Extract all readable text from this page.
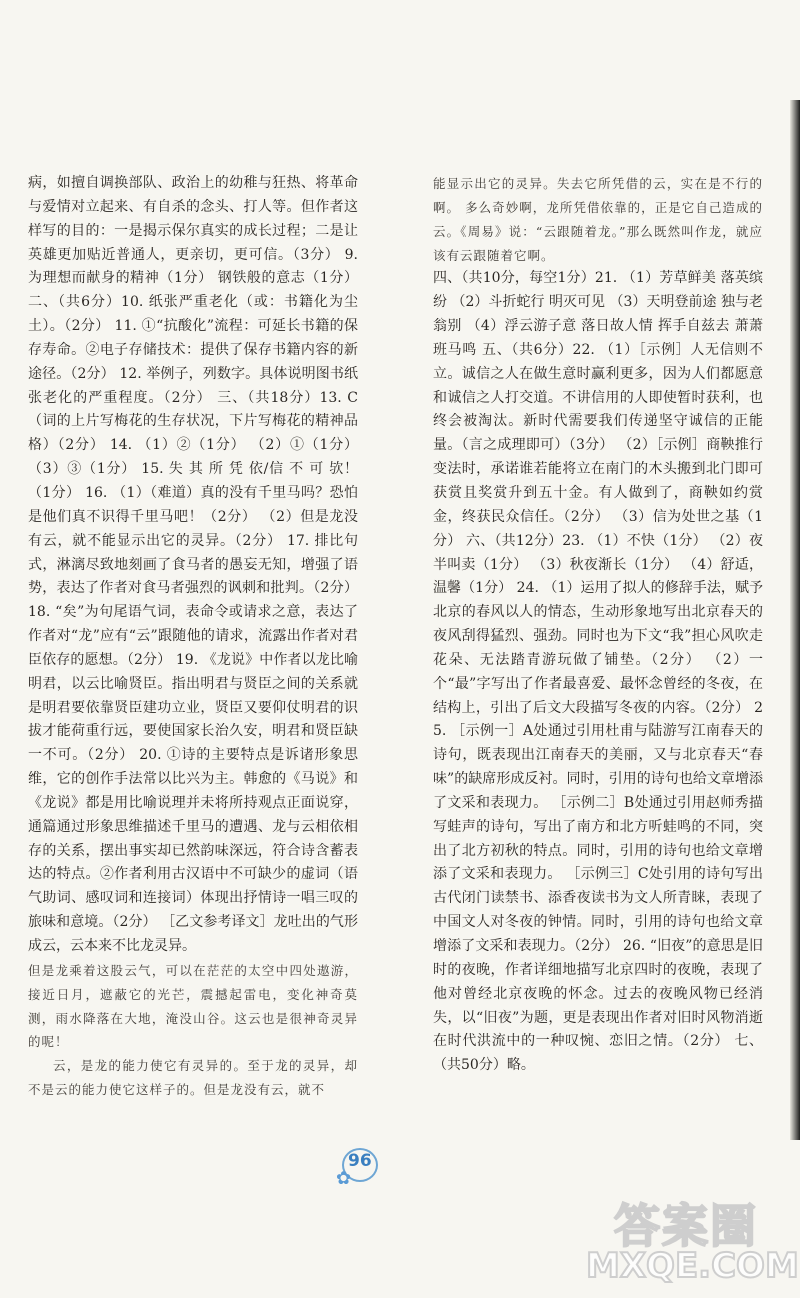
病，如擅自调换部队、政治上的幼稚与狂热、将革命与爱情对立起来、有自杀的念头、打人等。但作者这样写的目的：一是揭示保尔真实的成长过程；二是让英雄更加贴近普通人，更亲切，更可信。（3分） 9. 为理想而献身的精神（1分） 钢铁般的意志（1分） 二、（共6分）10. 纸张严重老化（或：书籍化为尘土）。（2分） 11. ①“抗酸化”流程：可延长书籍的保存寿命。②电子存储技术：提供了保存书籍内容的新途径。（2分） 12. 举例子，列数字。具体说明图书纸张老化的严重程度。（2分） 三、（共18分）13. C（词的上片写梅花的生存状况，下片写梅花的精神品格）（2分） 14. （1）②（1分） （2）①（1分） （3）③（1分） 15. 失 其 所 凭 依/信 不 可 欤！（1分） 16. （1）（难道）真的没有千里马吗？恐怕是他们真不识得千里马吧！（2分） （2）但是龙没有云，就不能显示出它的灵异。（2分） 17. 排比句式，淋漓尽致地刻画了食马者的愚妄无知，增强了语势，表达了作者对食马者强烈的讽刺和批判。（2分） 18. “矣”为句尾语气词，表命令或请求之意，表达了作者对“龙”应有“云”跟随他的请求，流露出作者对君臣依存的愿想。（2分） 19. 《龙说》中作者以龙比喻明君，以云比喻贤臣。指出明君与贤臣之间的关系就是明君要依靠贤臣建功立业，贤臣又要仰仗明君的识拔才能荷重行远，要使国家长治久安，明君和贤臣缺一不可。（2分） 20. ①诗的主要特点是诉诸形象思维，它的创作手法常以比兴为主。韩愈的《马说》和《龙说》都是用比喻说理并未将所持观点正面说穿，通篇通过形象思维描述千里马的遭遇、龙与云相依相存的关系，摆出事实却已然韵味深远，符合诗含蓄表达的特点。②作者利用古汉语中不可缺少的虚词（语气助词、感叹词和连接词）体现出抒情诗一唱三叹的旅味和意境。（2分） ［乙文参考译文］龙吐出的气形成云，云本来不比龙灵异。

但是龙乘着这股云气，可以在茫茫的太空中四处遨游，接近日月，遮蔽它的光芒，震撼起雷电，变化神奇莫测，雨水降落在大地，淹没山谷。这云也是很神奇灵异的呢！

云，是龙的能力使它有灵异的。至于龙的灵异，却不是云的能力使它这样子的。但是龙没有云，就不

能显示出它的灵异。失去它所凭借的云，实在是不行的啊。 多么奇妙啊，龙所凭借依靠的，正是它自己造成的云。《周易》说：“云跟随着龙。”那么既然叫作龙，就应该有云跟随着它啊。

四、（共10分，每空1分）21. （1）芳草鲜美 落英缤纷 （2）斗折蛇行 明灭可见 （3）天明登前途 独与老翁别 （4）浮云游子意 落日故人情 挥手自兹去 萧萧班马鸣 五、（共6分）22. （1）［示例］人无信则不立。诚信之人在做生意时赢利更多，因为人们都愿意和诚信之人打交道。不讲信用的人即使暂时获利，也终会被淘汰。新时代需要我们传递坚守诚信的正能量。（言之成理即可）（3分） （2）［示例］商鞅推行变法时，承诺谁若能将立在南门的木头搬到北门即可获赏且奖赏升到五十金。有人做到了，商鞅如约赏金，终获民众信任。（2分） （3）信为处世之基（1分） 六、（共12分）23. （1）不快（1分） （2）夜半叫卖（1分） （3）秋夜渐长（1分） （4）舒适，温馨（1分） 24. （1）运用了拟人的修辞手法，赋予北京的春风以人的情态，生动形象地写出北京春天的夜风刮得猛烈、强劲。同时也为下文“我”担心风吹走花朵、无法踏青游玩做了铺垫。（2分） （2）一个“最”字写出了作者最喜爱、最怀念曾经的冬夜，在结构上，引出了后文大段描写冬夜的内容。（2分） 25. ［示例一］A处通过引用杜甫与陆游写江南春天的诗句，既表现出江南春天的美丽，又与北京春天“春味”的缺席形成反衬。同时，引用的诗句也给文章增添了文采和表现力。 ［示例二］B处通过引用赵师秀描写蛙声的诗句，写出了南方和北方听蛙鸣的不同，突出了北方初秋的特点。同时，引用的诗句也给文章增添了文采和表现力。 ［示例三］C处引用的诗句写出古代闭门读禁书、添香夜读书为文人所青睐，表现了中国文人对冬夜的钟情。同时，引用的诗句也给文章增添了文采和表现力。（2分） 26. “旧夜”的意思是旧时的夜晚，作者详细地描写北京四时的夜晚，表现了他对曾经北京夜晚的怀念。过去的夜晚风物已经消失，以“旧夜”为题，更是表现出作者对旧时风物消逝在时代洪流中的一种叹惋、恋旧之情。（2分） 七、（共50分）略。

96
✿
答案圈
MXQE.COM
